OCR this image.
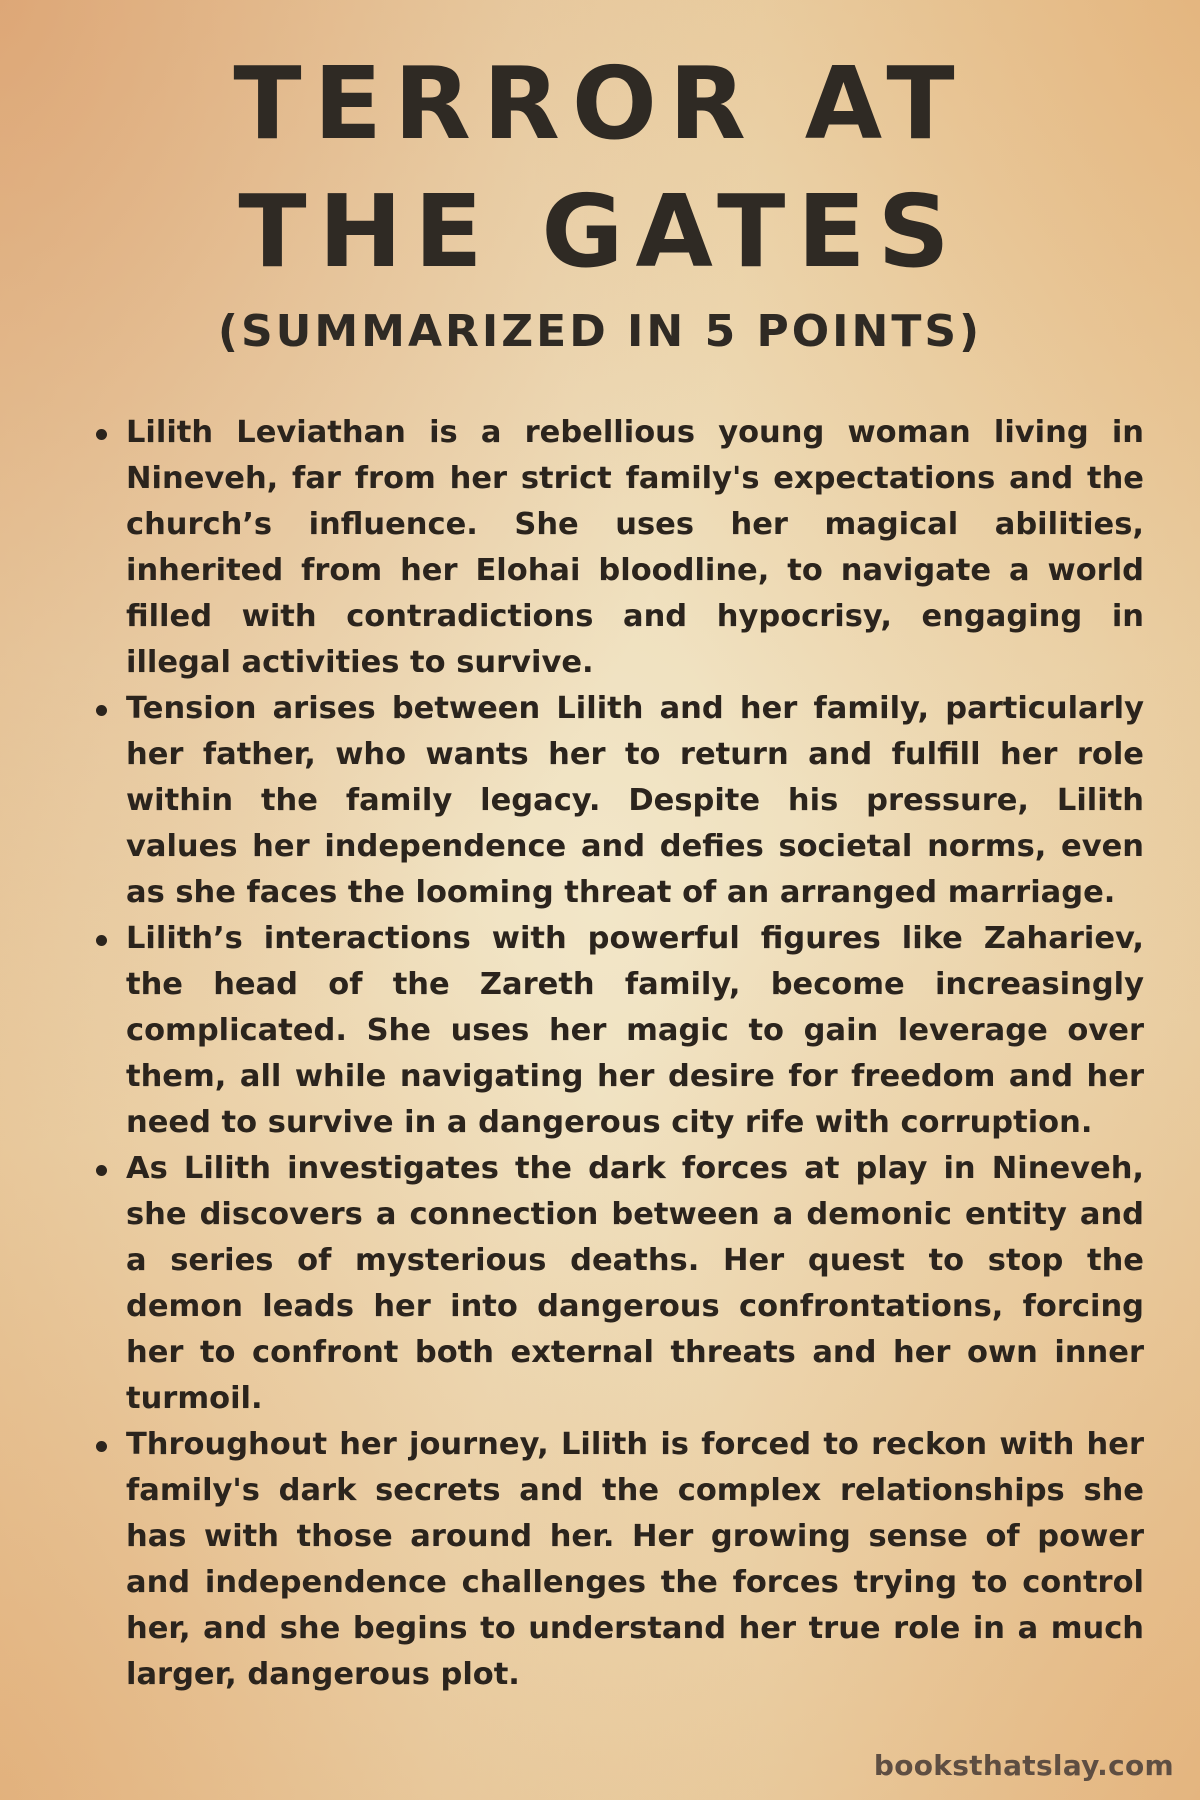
TERROR AT THE GATES
(SUMMARIZED IN 5 POINTS)
Lilith Leviathan is a rebellious young woman living in Nineveh, far from her strict family's expectations and the church’s influence. She uses her magical abilities, inherited from her Elohai bloodline, to navigate a world filled with contradictions and hypocrisy, engaging in illegal activities to survive.
Tension arises between Lilith and her family, particularly her father, who wants her to return and fulfill her role within the family legacy. Despite his pressure, Lilith values her independence and defies societal norms, even as she faces the looming threat of an arranged marriage.
Lilith’s interactions with powerful figures like Zahariev, the head of the Zareth family, become increasingly complicated. She uses her magic to gain leverage over them, all while navigating her desire for freedom and her need to survive in a dangerous city rife with corruption.
As Lilith investigates the dark forces at play in Nineveh, she discovers a connection between a demonic entity and a series of mysterious deaths. Her quest to stop the demon leads her into dangerous confrontations, forcing her to confront both external threats and her own inner turmoil.
Throughout her journey, Lilith is forced to reckon with her family's dark secrets and the complex relationships she has with those around her. Her growing sense of power and independence challenges the forces trying to control her, and she begins to understand her true role in a much larger, dangerous plot.
booksthatslay.com
